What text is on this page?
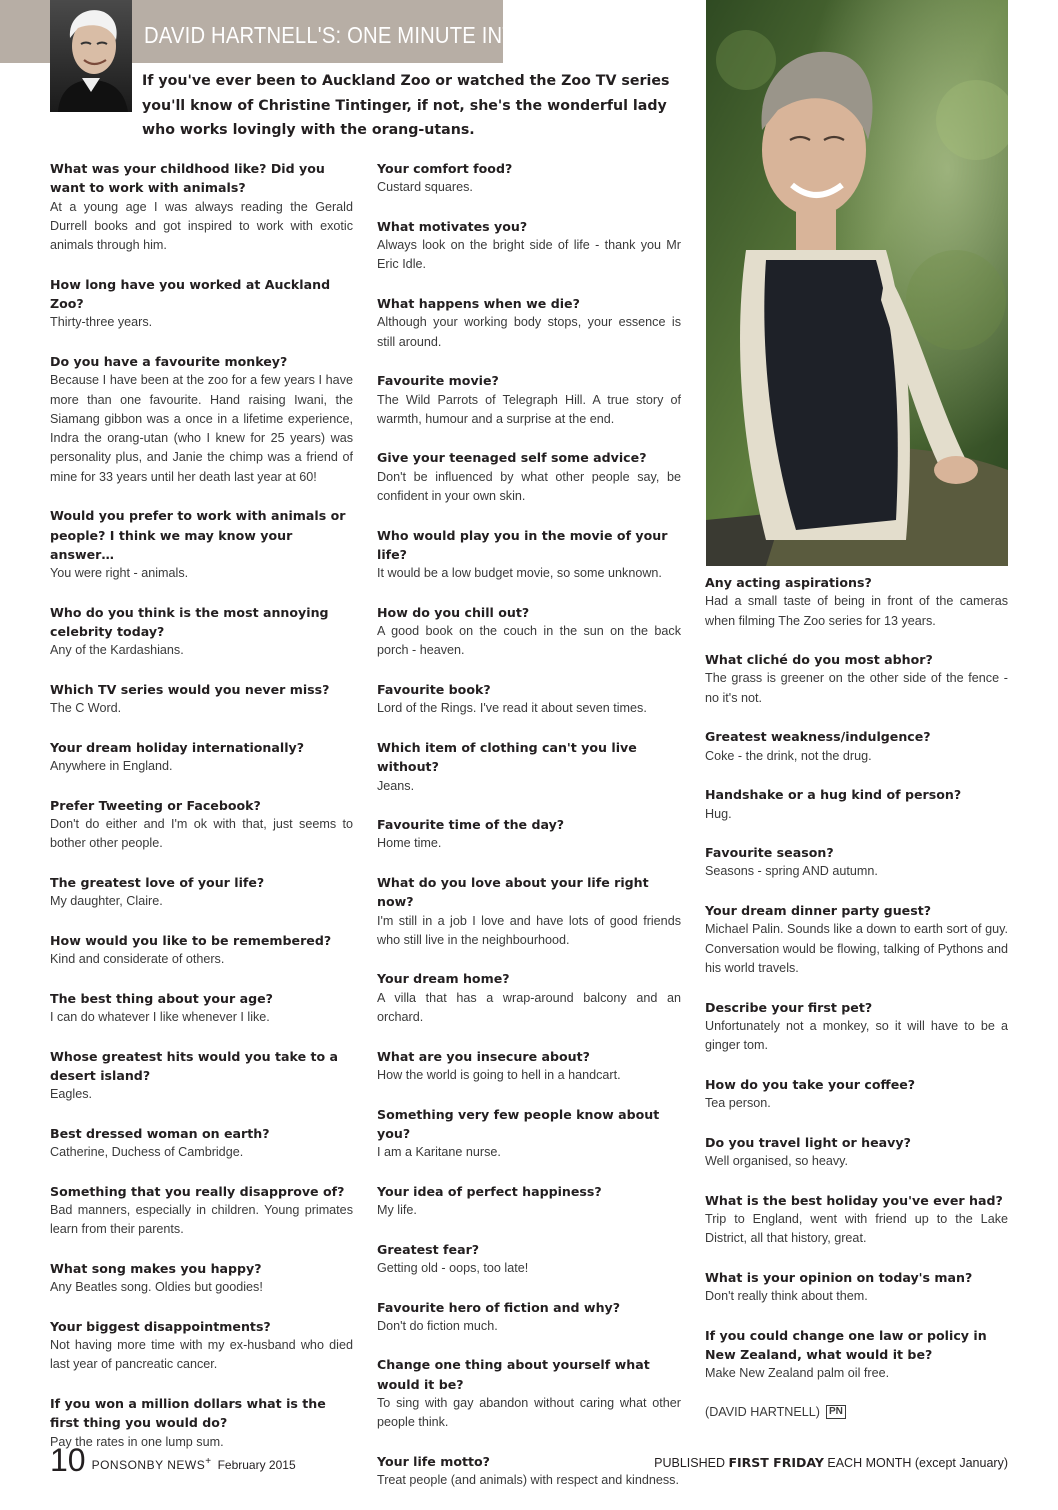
DAVID HARTNELL'S: ONE MINUTE INTERVIEW
If you've ever been to Auckland Zoo or watched the Zoo TV series you'll know of Christine Tintinger, if not, she's the wonderful lady who works lovingly with the orang-utans.
What was your childhood like? Did you want to work with animals?
At a young age I was always reading the Gerald Durrell books and got inspired to work with exotic animals through him.
How long have you worked at Auckland Zoo?
Thirty-three years.
Do you have a favourite monkey?
Because I have been at the zoo for a few years I have more than one favourite. Hand raising Iwani, the Siamang gibbon was a once in a lifetime experience, Indra the orang-utan (who I knew for 25 years) was personality plus, and Janie the chimp was a friend of mine for 33 years until her death last year at 60!
Would you prefer to work with animals or people? I think we may know your answer…
You were right - animals.
Who do you think is the most annoying celebrity today?
Any of the Kardashians.
Which TV series would you never miss?
The C Word.
Your dream holiday internationally?
Anywhere in England.
Prefer Tweeting or Facebook?
Don't do either and I'm ok with that, just seems to bother other people.
The greatest love of your life?
My daughter, Claire.
How would you like to be remembered?
Kind and considerate of others.
The best thing about your age?
I can do whatever I like whenever I like.
Whose greatest hits would you take to a desert island?
Eagles.
Best dressed woman on earth?
Catherine, Duchess of Cambridge.
Something that you really disapprove of?
Bad manners, especially in children. Young primates learn from their parents.
What song makes you happy?
Any Beatles song. Oldies but goodies!
Your biggest disappointments?
Not having more time with my ex-husband who died last year of pancreatic cancer.
If you won a million dollars what is the first thing you would do?
Pay the rates in one lump sum.
Your comfort food?
Custard squares.
What motivates you?
Always look on the bright side of life - thank you Mr Eric Idle.
What happens when we die?
Although your working body stops, your essence is still around.
Favourite movie?
The Wild Parrots of Telegraph Hill. A true story of warmth, humour and a surprise at the end.
Give your teenaged self some advice?
Don't be influenced by what other people say, be confident in your own skin.
Who would play you in the movie of your life?
It would be a low budget movie, so some unknown.
How do you chill out?
A good book on the couch in the sun on the back porch - heaven.
Favourite book?
Lord of the Rings. I've read it about seven times.
Which item of clothing can't you live without?
Jeans.
Favourite time of the day?
Home time.
What do you love about your life right now?
I'm still in a job I love and have lots of good friends who still live in the neighbourhood.
Your dream home?
A villa that has a wrap-around balcony and an orchard.
What are you insecure about?
How the world is going to hell in a handcart.
Something very few people know about you?
I am a Karitane nurse.
Your idea of perfect happiness?
My life.
Greatest fear?
Getting old - oops, too late!
Favourite hero of fiction and why?
Don't do fiction much.
Change one thing about yourself what would it be?
To sing with gay abandon without caring what other people think.
Your life motto?
Treat people (and animals) with respect and kindness.
Any acting aspirations?
Had a small taste of being in front of the cameras when filming The Zoo series for 13 years.
What cliché do you most abhor?
The grass is greener on the other side of the fence - no it's not.
Greatest weakness/indulgence?
Coke - the drink, not the drug.
Handshake or a hug kind of person?
Hug.
Favourite season?
Seasons - spring AND autumn.
Your dream dinner party guest?
Michael Palin. Sounds like a down to earth sort of guy. Conversation would be flowing, talking of Pythons and his world travels.
Describe your first pet?
Unfortunately not a monkey, so it will have to be a ginger tom.
How do you take your coffee?
Tea person.
Do you travel light or heavy?
Well organised, so heavy.
What is the best holiday you've ever had?
Trip to England, went with friend up to the Lake District, all that history, great.
What is your opinion on today's man?
Don't really think about them.
If you could change one law or policy in New Zealand, what would it be?
Make New Zealand palm oil free.
(DAVID HARTNELL) PN
10 PONSONBY NEWS+ February 2015	PUBLISHED FIRST FRIDAY EACH MONTH (except January)
